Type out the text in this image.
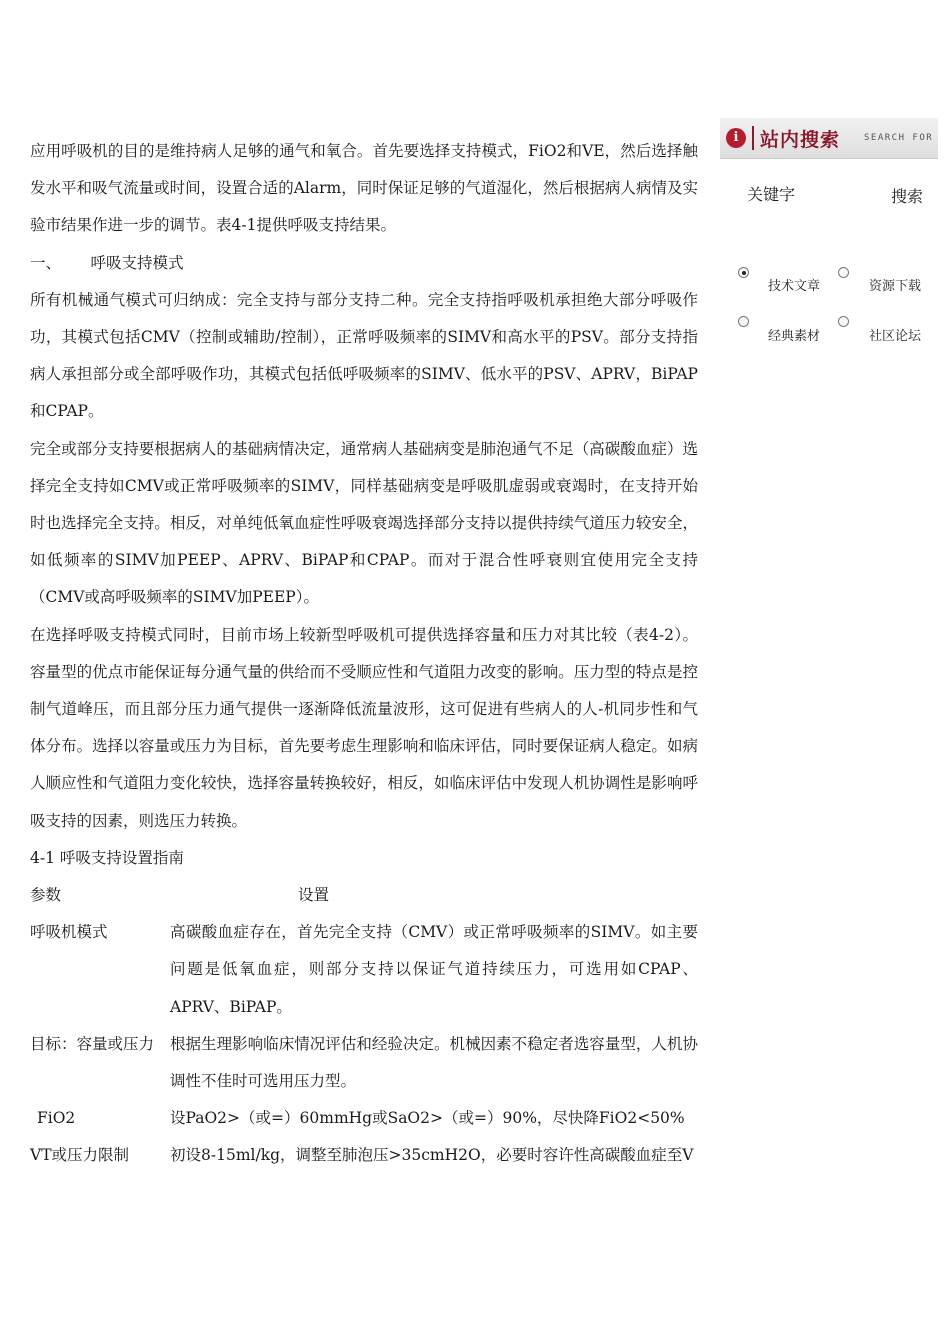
应用呼吸机的目的是维持病人足够的通气和氧合。首先要选择支持模式，FiO2和VE，然后选择触发水平和吸气流量或时间，设置合适的Alarm，同时保证足够的气道湿化，然后根据病人病情及实验市结果作进一步的调节。表4-1提供呼吸支持结果。

一、      呼吸支持模式

所有机械通气模式可归纳成：完全支持与部分支持二种。完全支持指呼吸机承担绝大部分呼吸作功，其模式包括CMV（控制或辅助/控制），正常呼吸频率的SIMV和高水平的PSV。部分支持指病人承担部分或全部呼吸作功，其模式包括低呼吸频率的SIMV、低水平的PSV、APRV，BiPAP和CPAP。

完全或部分支持要根据病人的基础病情决定，通常病人基础病变是肺泡通气不足（高碳酸血症）选择完全支持如CMV或正常呼吸频率的SIMV，同样基础病变是呼吸肌虚弱或衰竭时，在支持开始时也选择完全支持。相反，对单纯低氧血症性呼吸衰竭选择部分支持以提供持续气道压力较安全，如低频率的SIMV加PEEP、APRV、BiPAP和CPAP。而对于混合性呼衰则宜使用完全支持（CMV或高呼吸频率的SIMV加PEEP）。

在选择呼吸支持模式同时，目前市场上较新型呼吸机可提供选择容量和压力对其比较（表4-2）。容量型的优点市能保证每分通气量的供给而不受顺应性和气道阻力改变的影响。压力型的特点是控制气道峰压，而且部分压力通气提供一逐渐降低流量波形，这可促进有些病人的人-机同步性和气体分布。选择以容量或压力为目标，首先要考虑生理影响和临床评估，同时要保证病人稳定。如病人顺应性和气道阻力变化较快，选择容量转换较好，相反，如临床评估中发现人机协调性是影响呼吸支持的因素，则选压力转换。

4-1 呼吸支持设置指南

参数	设置
呼吸机模式	高碳酸血症存在，首先完全支持（CMV）或正常呼吸频率的SIMV。如主要问题是低氧血症，则部分支持以保证气道持续压力，可选用如CPAP、APRV、BiPAP。
目标：容量或压力	根据生理影响临床情况评估和经验决定。机械因素不稳定者选容量型，人机协调性不佳时可选用压力型。
FiO2	设PaO2>（或=）60mmHg或SaO2>（或=）90%，尽快降FiO2<50%
VT或压力限制	初设8-15ml/kg，调整至肺泡压>35cmH2O，必要时容许性高碳酸血症至V
i	站内搜索	SEARCH FOR
关键字	搜索
技术文章	资源下载
经典素材	社区论坛
